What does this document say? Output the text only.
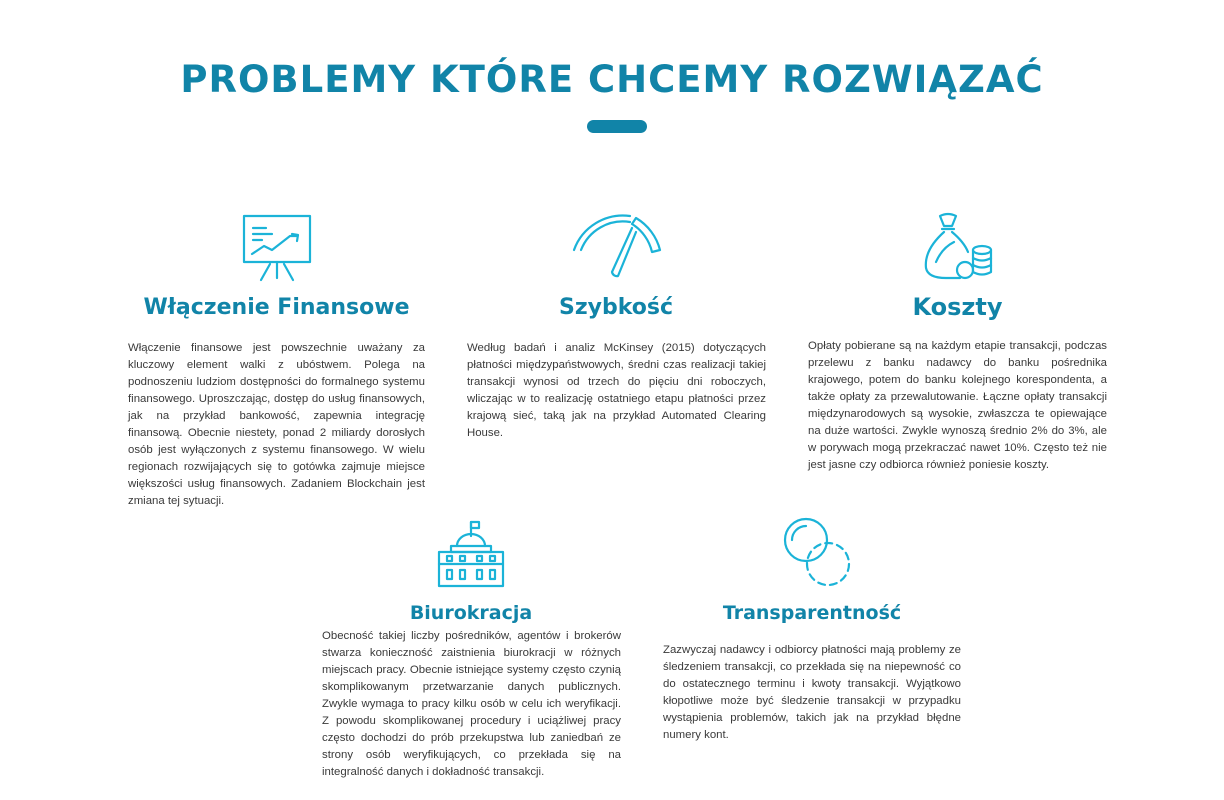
PROBLEMY KTÓRE CHCEMY ROZWIĄZAĆ
Włączenie Finansowe

Włączenie finansowe jest powszechnie uważany za kluczowy element walki z ubóstwem. Polega na podnoszeniu ludziom dostępności do formalnego systemu finansowego. Uproszczając, dostęp do usług finansowych, jak na przykład bankowość, zapewnia integrację finansową. Obecnie niestety, ponad 2 miliardy dorosłych osób jest wyłączonych z systemu finansowego. W wielu regionach rozwijających się to gotówka zajmuje miejsce większości usług finansowych. Zadaniem Blockchain jest zmiana tej sytuacji.

Szybkość

Według badań i analiz McKinsey (2015) dotyczących płatności międzypaństwowych, średni czas realizacji takiej transakcji wynosi od trzech do pięciu dni roboczych, wliczając w to realizację ostatniego etapu płatności przez krajową sieć, taką jak na przykład Automated Clearing House.

Koszty

Opłaty pobierane są na każdym etapie transakcji, podczas przelewu z banku nadawcy do banku pośrednika krajowego, potem do banku kolejnego korespondenta, a także opłaty za przewalutowanie. Łączne opłaty transakcji międzynarodowych są wysokie, zwłaszcza te opiewające na duże wartości. Zwykle wynoszą średnio 2% do 3%, ale w porywach mogą przekraczać nawet 10%. Często też nie jest jasne czy odbiorca również poniesie koszty.

Biurokracja

Obecność takiej liczby pośredników, agentów i brokerów stwarza konieczność zaistnienia biurokracji w różnych miejscach pracy. Obecnie istniejące systemy często czynią skomplikowanym przetwarzanie danych publicznych. Zwykle wymaga to pracy kilku osób w celu ich weryfikacji. Z powodu skomplikowanej procedury i uciążliwej pracy często dochodzi do prób przekupstwa lub zaniedbań ze strony osób weryfikujących, co przekłada się na integralność danych i dokładność transakcji.

Transparentność

Zazwyczaj nadawcy i odbiorcy płatności mają problemy ze śledzeniem transakcji, co przekłada się na niepewność co do ostatecznego terminu i kwoty transakcji. Wyjątkowo kłopotliwe może być śledzenie transakcji w przypadku wystąpienia problemów, takich jak na przykład błędne numery kont.
